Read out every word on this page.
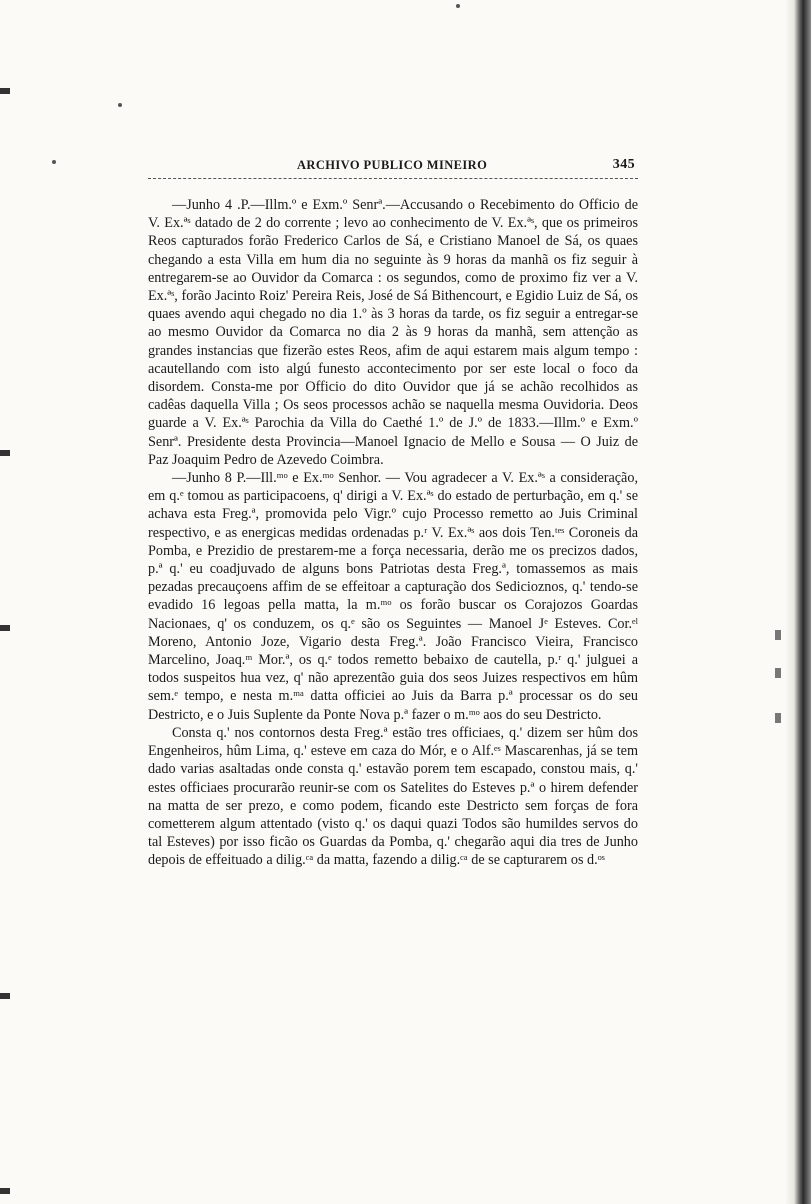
ARCHIVO PUBLICO MINEIRO	345

—Junho 4 .P.—Illm.º e Exm.º Senrª.—Accusando o Recebimento do Officio de V. Ex.ªˢ datado de 2 do corrente ; levo ao conhecimento de V. Ex.ªˢ, que os primeiros Reos capturados forão Frederico Carlos de Sá, e Cristiano Manoel de Sá, os quaes chegando a esta Villa em hum dia no seguinte às 9 horas da manhã os fiz seguir à entregarem-se ao Ouvidor da Comarca : os segundos, como de proximo fiz ver a V. Ex.ªˢ, forão Jacinto Roiz' Pereira Reis, José de Sá Bithencourt, e Egidio Luiz de Sá, os quaes avendo aqui chegado no dia 1.º às 3 horas da tarde, os fiz seguir a entregar-se ao mesmo Ouvidor da Comarca no dia 2 às 9 horas da manhã, sem attenção as grandes instancias que fizerão estes Reos, afim de aqui estarem mais algum tempo : acautellando com isto algú funesto accontecimento por ser este local o foco da disordem. Consta-me por Officio do dito Ouvidor que já se achão recolhidos as cadêas daquella Villa ; Os seos processos achão se naquella mesma Ouvidoria. Deos guarde a V. Ex.ªˢ Parochia da Villa do Caethé 1.º de J.º de 1833.—Illm.º e Exm.º Senrª. Presidente desta Provincia—Manoel Ignacio de Mello e Sousa — O Juiz de Paz Joaquim Pedro de Azevedo Coimbra.

—Junho 8 P.—Ill.ᵐᵒ e Ex.ᵐᵒ Senhor. — Vou agradecer a V. Ex.ªˢ a consideração, em q.ᵉ tomou as participacoens, q' dirigi a V. Ex.ªˢ do estado de perturbação, em q.' se achava esta Freg.ª, promovida pelo Vigr.º cujo Processo remetto ao Juis Criminal respectivo, e as energicas medidas ordenadas p.ʳ V. Ex.ªˢ aos dois Ten.ᵗᵉˢ Coroneis da Pomba, e Prezidio de prestarem-me a força necessaria, derão me os precizos dados, p.ª q.' eu coadjuvado de alguns bons Patriotas desta Freg.ª, tomassemos as mais pezadas precauçoens affim de se effeitoar a capturação dos Sedicioznos, q.' tendo-se evadido 16 legoas pella matta, la m.ᵐᵒ os forão buscar os Corajozos Goardas Nacionaes, q' os conduzem, os q.ᵉ são os Seguintes — Manoel Jᵉ Esteves. Cor.ᵉˡ Moreno, Antonio Joze, Vigario desta Freg.ª. João Francisco Vieira, Francisco Marcelino, Joaq.ᵐ Mor.ª, os q.ᵉ todos remetto bebaixo de cautella, p.ʳ q.' julguei a todos suspeitos hua vez, q' não aprezentão guia dos seos Juizes respectivos em hûm sem.ᵉ tempo, e nesta m.ᵐᵃ datta officiei ao Juis da Barra p.ª processar os do seu Destricto, e o Juis Suplente da Ponte Nova p.ª fazer o m.ᵐᵒ aos do seu Destricto.

Consta q.' nos contornos desta Freg.ª estão tres officiaes, q.' dizem ser hûm dos Engenheiros, hûm Lima, q.' esteve em caza do Mór, e o Alf.ᵉˢ Mascarenhas, já se tem dado varias asaltadas onde consta q.' estavão porem tem escapado, constou mais, q.' estes officiaes procurarão reunir-se com os Satelites do Esteves p.ª o hirem defender na matta de ser prezo, e como podem, ficando este Destricto sem forças de fora cometterem algum attentado (visto q.' os daqui quazi Todos são humildes servos do tal Esteves) por isso ficão os Guardas da Pomba, q.' chegarão aqui dia tres de Junho depois de effeituado a dilig.ᶜᵃ da matta, fazendo a dilig.ᶜᵃ de se capturarem os d.ᵒˢ
